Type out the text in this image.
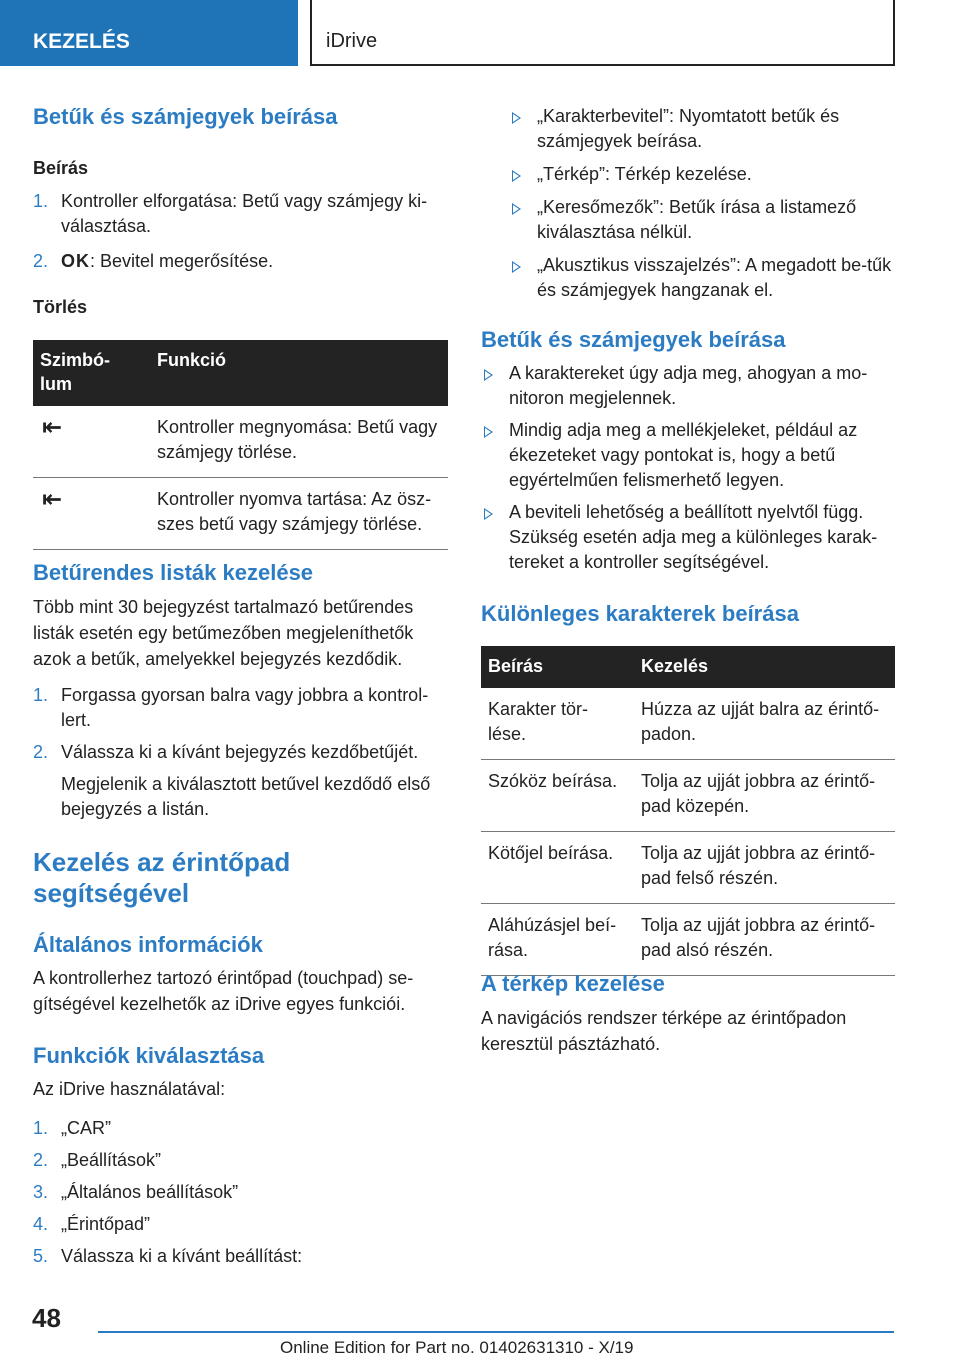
KEZELÉS	iDrive
Betűk és számjegyek beírása

Beírás

1. Kontroller elforgatása: Betű vagy számjegy ki-választása.
2. OK: Bevitel megerősítése.

Törlés

Szimbó-lum	Funkció
⇤	Kontroller megnyomása: Betű vagy számjegy törlése.
⇤	Kontroller nyomva tartása: Az ösz-szes betű vagy számjegy törlése.
Betűrendes listák kezelése

Több mint 30 bejegyzést tartalmazó betűrendes listák esetén egy betűmezőben megjeleníthetők azok a betűk, amelyekkel bejegyzés kezdődik.

1. Forgassa gyorsan balra vagy jobbra a kontrol-lert.
2. Válassza ki a kívánt bejegyzés kezdőbetűjét.
Megjelenik a kiválasztott betűvel kezdődő első bejegyzés a listán.
Kezelés az érintőpad segítségével
Általános információk

A kontrollerhez tartozó érintőpad (touchpad) se-gítségével kezelhetők az iDrive egyes funkciói.

Funkciók kiválasztása

Az iDrive használatával:

1. „CAR”
2. „Beállítások”
3. „Általános beállítások”
4. „Érintőpad”
5. Válassza ki a kívánt beállítást:
„Karakterbevitel”: Nyomtatott betűk és számjegyek beírása.
„Térkép”: Térkép kezelése.
„Keresőmezők”: Betűk írása a listamező kiválasztása nélkül.
„Akusztikus visszajelzés”: A megadott be-tűk és számjegyek hangzanak el.
Betűk és számjegyek beírása
A karaktereket úgy adja meg, ahogyan a mo-nitoron megjelennek.
Mindig adja meg a mellékjeleket, például az ékezeteket vagy pontokat is, hogy a betű egyértelműen felismerhető legyen.
A beviteli lehetőség a beállított nyelvtől függ. Szükség esetén adja meg a különleges karak-tereket a kontroller segítségével.
Különleges karakterek beírása
Beírás	Kezelés
Karakter tör-lése.	Húzza az ujját balra az érintő-padon.
Szóköz beírása.	Tolja az ujját jobbra az érintő-pad közepén.
Kötőjel beírása.	Tolja az ujját jobbra az érintő-pad felső részén.
Aláhúzásjel beí-rása.	Tolja az ujját jobbra az érintő-pad alsó részén.
A térkép kezelése

A navigációs rendszer térképe az érintőpadon keresztül pásztázható.

48
Online Edition for Part no. 01402631310 - X/19
